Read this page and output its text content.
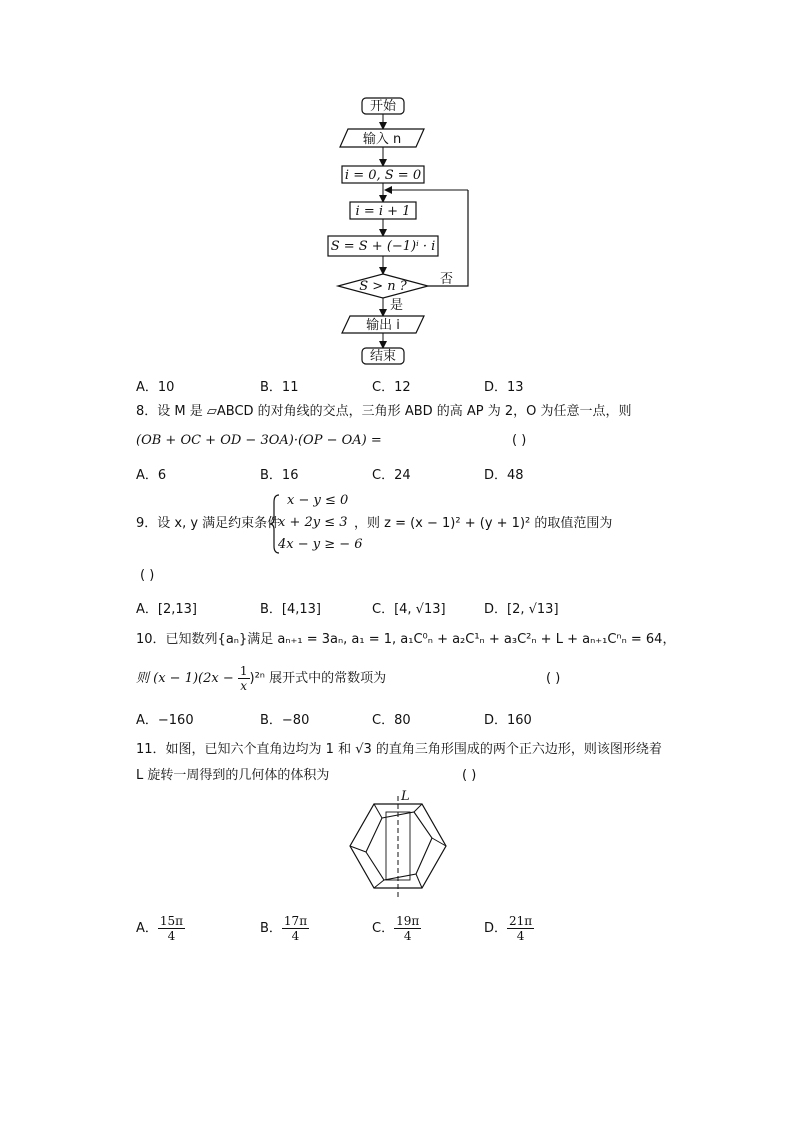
开始
输入 n
i = 0, S = 0
i = i + 1
S = S + (−1)ⁱ · i
S > n ?	否
是
输出 i
结束
A．10	B．11	C．12	D．13
8．设 M 是 ▱ABCD 的对角线的交点，三角形 ABD 的高 AP 为 2，O 为任意一点，则
(OB + OC + OD − 3OA)·(OP − OA) =	( )
A．6	B．16	C．24	D．48
9．设 x, y 满足约束条件
x − y ≤ 0
x + 2y ≤ 3
4x − y ≥ − 6
，则 z = (x − 1)² + (y + 1)² 的取值范围为
( )
A．[2,13]	B．[4,13]	C．[4, √13]	D．[2, √13]
10．已知数列{aₙ}满足 aₙ₊₁ = 3aₙ, a₁ = 1, a₁C⁰ₙ + a₂C¹ₙ + a₃C²ₙ + L + aₙ₊₁Cⁿₙ = 64，
则 $(x - 1)(2x - \frac{1}{x} )^{2n}$ 展开式中的常数项为	( )
A．−160	B．−80	C．80	D．160
11．如图，已知六个直角边均为 1 和 √3 的直角三角形围成的两个正六边形，则该图形绕着
L 旋转一周得到的几何体的体积为	( )
L
A． $\frac{15\pi}{4}$	B． $\frac{17\pi}{4}$	C． $\frac{19\pi}{4}$	D． $\frac{21\pi}{4}$
